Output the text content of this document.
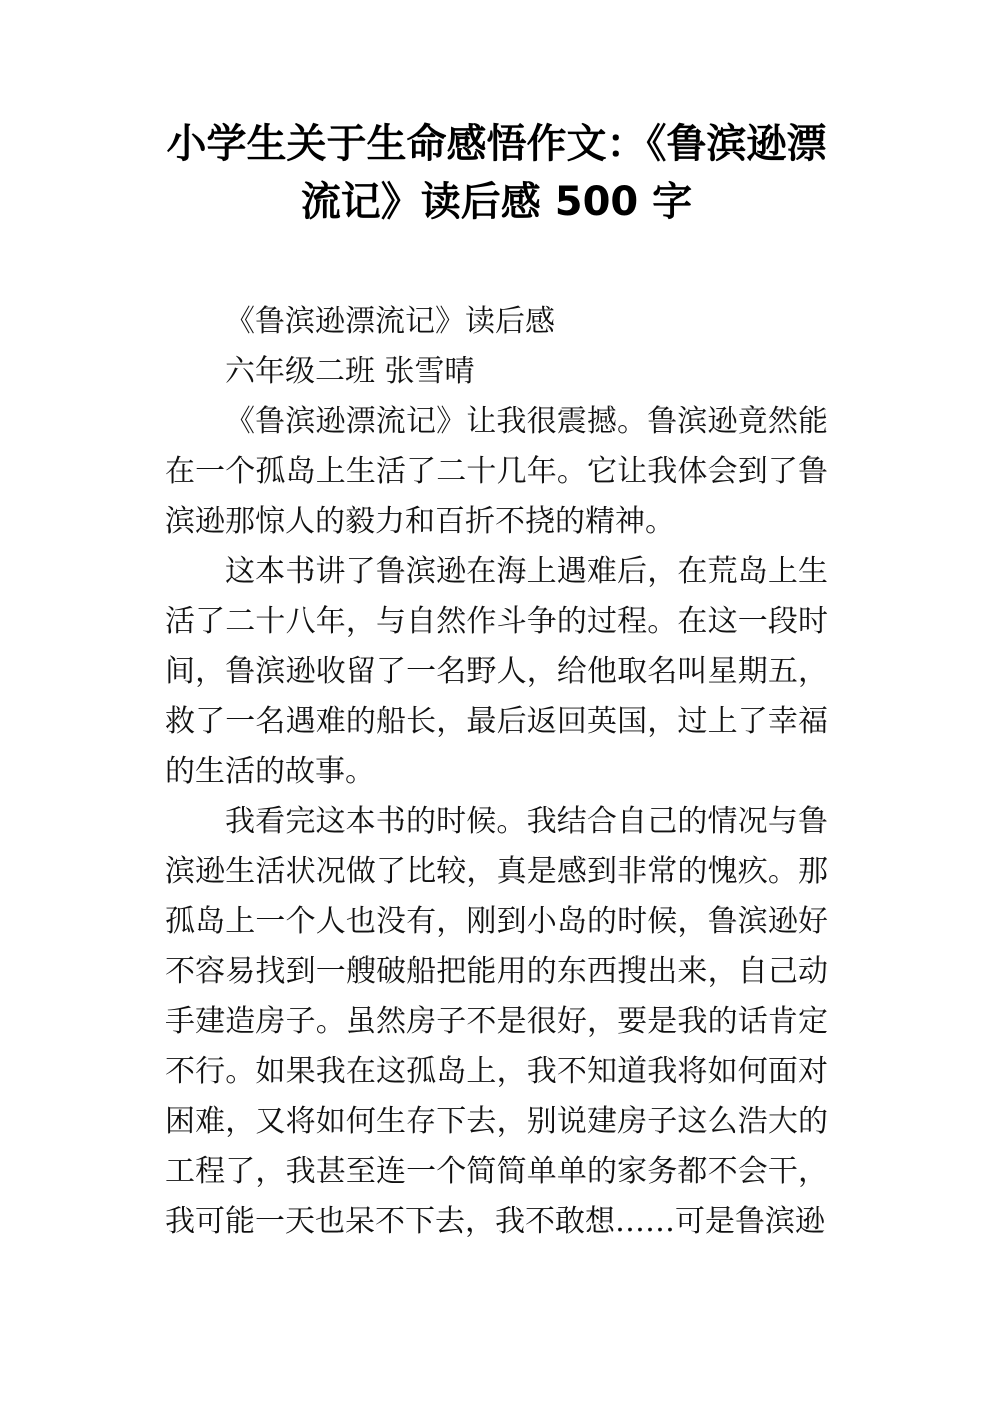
小学生关于生命感悟作文：《鲁滨逊漂流记》读后感 500 字

《鲁滨逊漂流记》读后感

六年级二班 张雪晴

《鲁滨逊漂流记》让我很震撼。鲁滨逊竟然能在一个孤岛上生活了二十几年。它让我体会到了鲁滨逊那惊人的毅力和百折不挠的精神。

这本书讲了鲁滨逊在海上遇难后，在荒岛上生活了二十八年，与自然作斗争的过程。在这一段时间，鲁滨逊收留了一名野人，给他取名叫星期五，救了一名遇难的船长，最后返回英国，过上了幸福的生活的故事。

我看完这本书的时候。我结合自己的情况与鲁滨逊生活状况做了比较，真是感到非常的愧疚。那孤岛上一个人也没有，刚到小岛的时候，鲁滨逊好不容易找到一艘破船把能用的东西搜出来，自己动手建造房子。虽然房子不是很好，要是我的话肯定不行。如果我在这孤岛上，我不知道我将如何面对困难，又将如何生存下去，别说建房子这么浩大的工程了，我甚至连一个简简单单的家务都不会干，我可能一天也呆不下去，我不敢想……可是鲁滨逊
